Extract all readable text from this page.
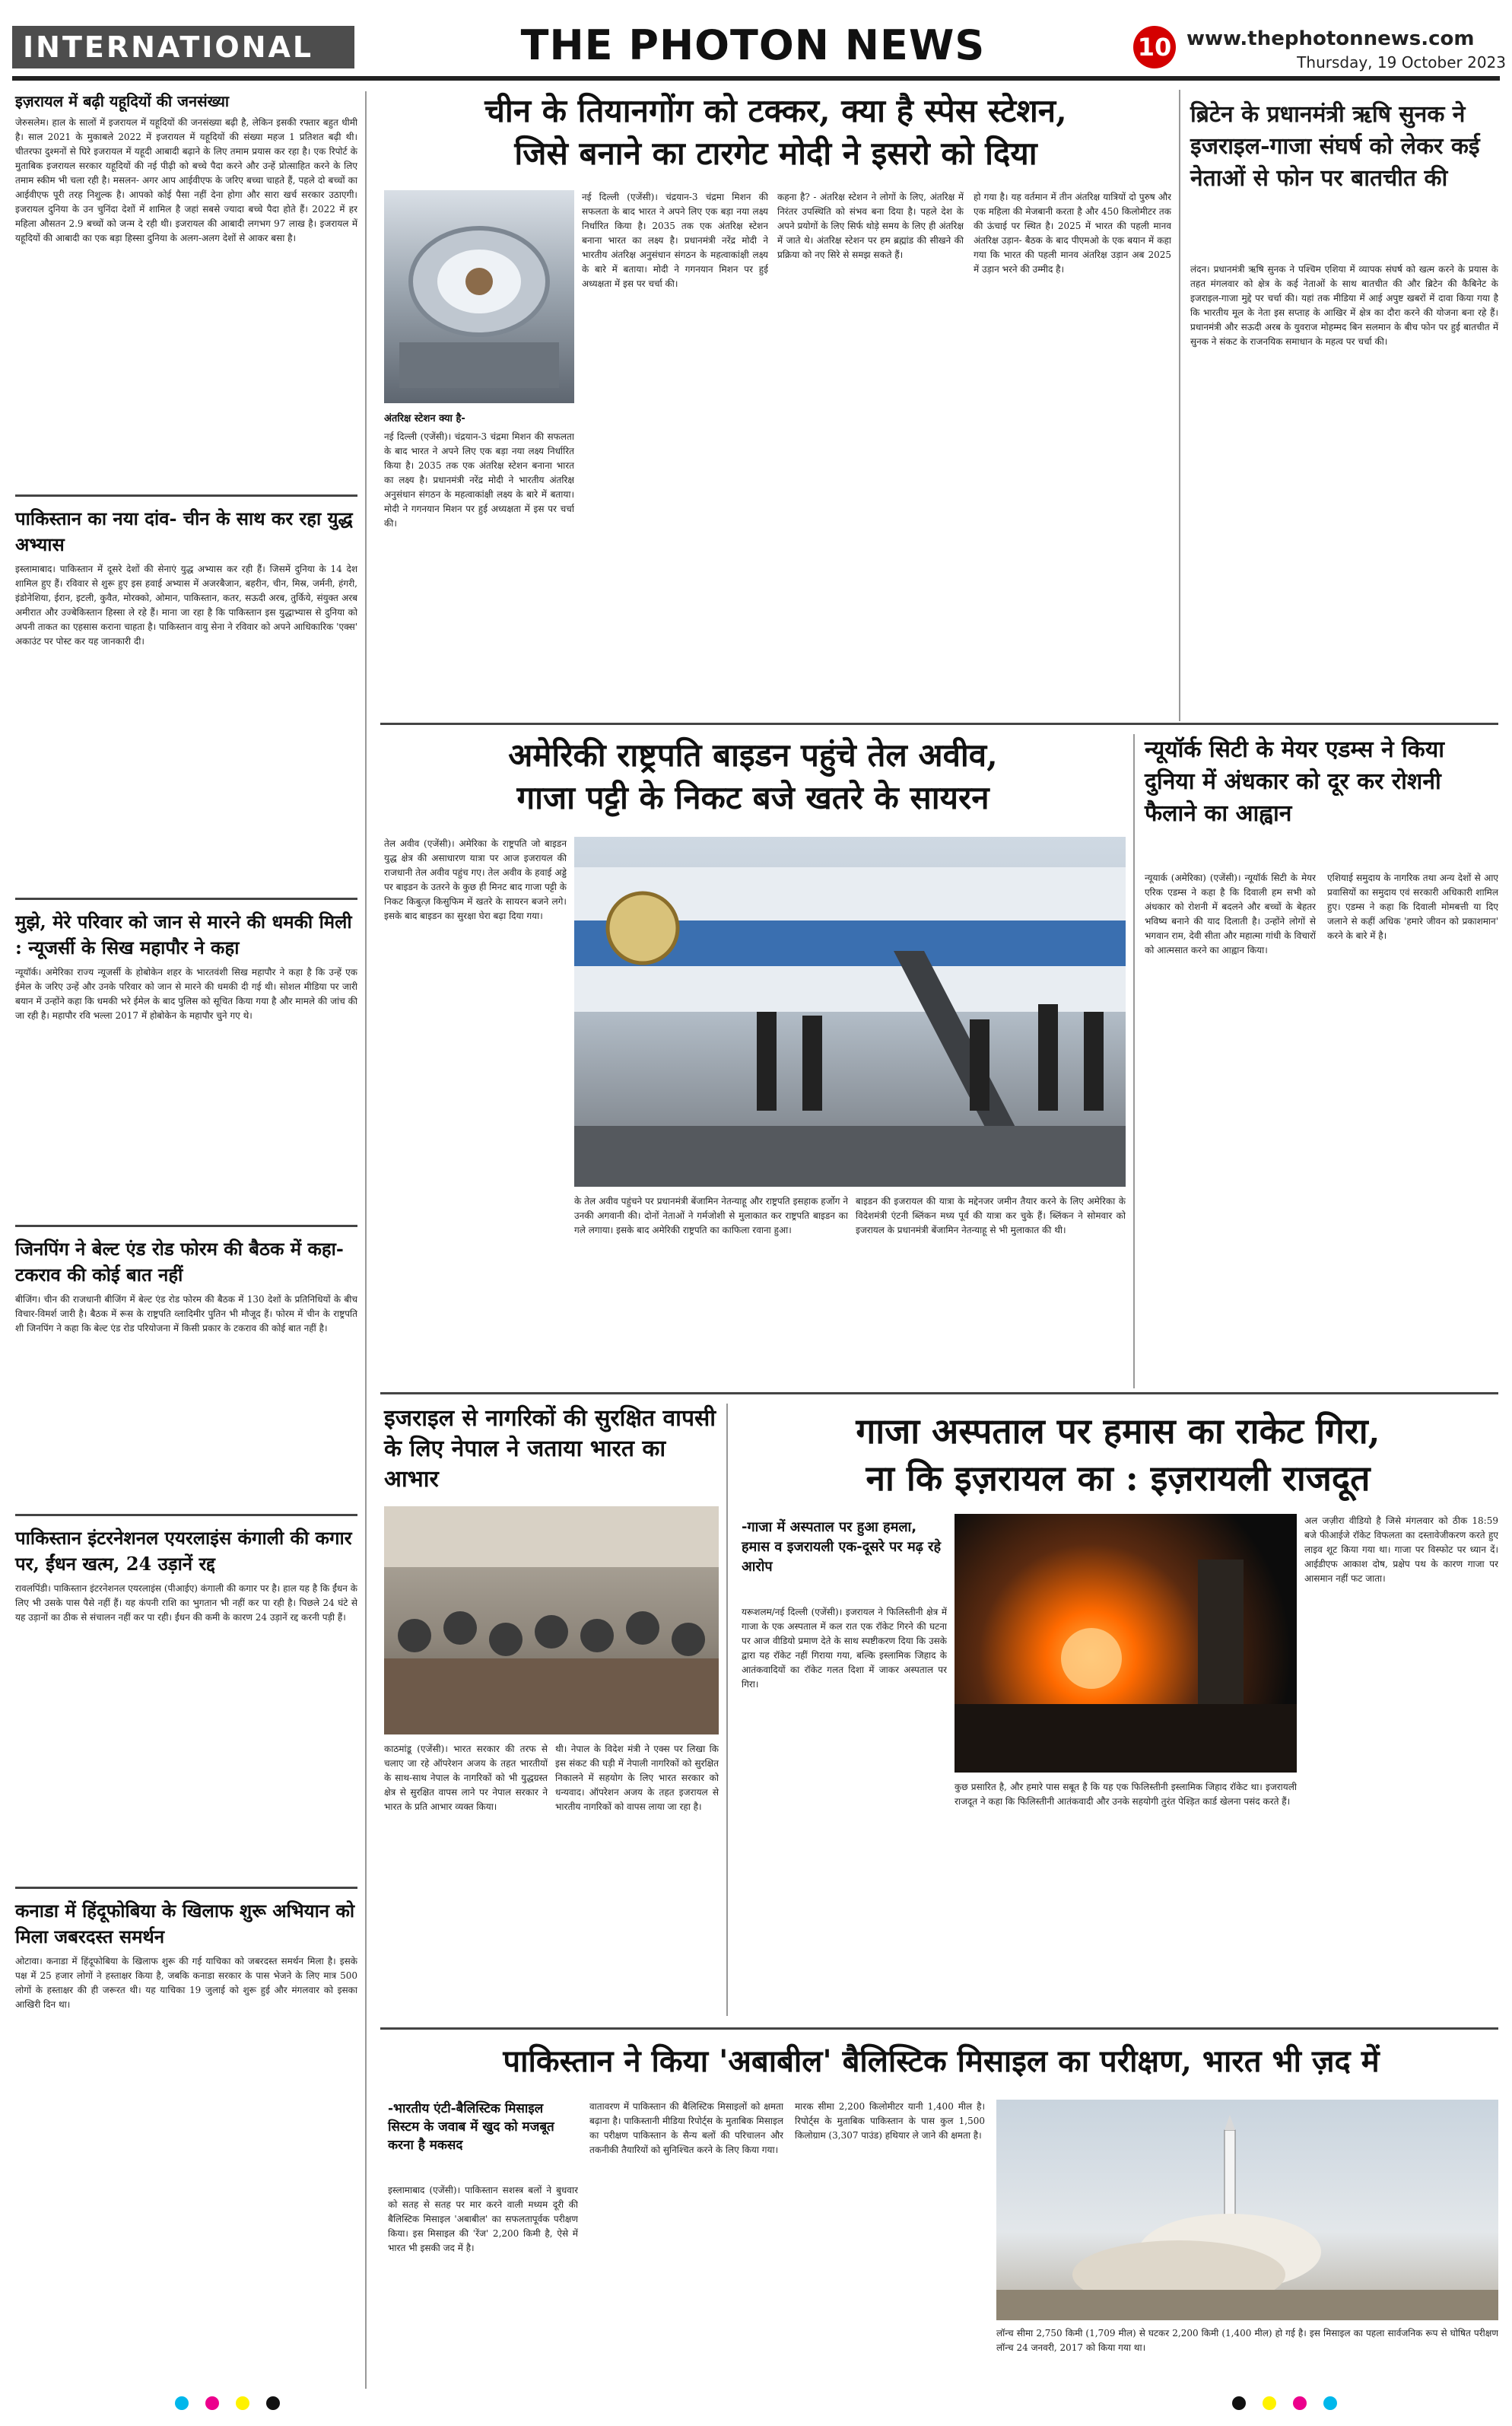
INTERNATIONAL	THE PHOTON NEWS	10 www.thephotonnews.com
Thursday, 19 October 2023
इज़रायल में बढ़ी यहूदियों की जनसंख्या
जेरुसलेम। हाल के सालों में इजरायल में यहूदियों की जनसंख्या बढ़ी है, लेकिन इसकी रफ्तार बहुत धीमी है। साल 2021 के मुकाबले 2022 में इजरायल में यहूदियों की संख्या महज 1 प्रतिशत बढ़ी थी। चीतरफा दुश्मनों से घिरे इजरायल में यहूदी आबादी बढ़ाने के लिए तमाम प्रयास कर रहा है। एक रिपोर्ट के मुताबिक इजरायल सरकार यहूदियों की नई पीढ़ी को बच्चे पैदा करने और उन्हें प्रोत्साहित करने के लिए तमाम स्कीम भी चला रही है। मसलन- अगर आप आईवीएफ के जरिए बच्चा चाहते हैं, पहले दो बच्चों का आईवीएफ पूरी तरह निशुल्क है। आपको कोई पैसा नहीं देना होगा और सारा खर्च सरकार उठाएगी। इजरायल दुनिया के उन चुनिंदा देशों में शामिल है जहां सबसे ज्यादा बच्चे पैदा होते हैं। 2022 में हर महिला औसतन 2.9 बच्चों को जन्म दे रही थी। इजरायल की आबादी लगभग 97 लाख है। इजरायल में यहूदियों की आबादी का एक बड़ा हिस्सा दुनिया के अलग-अलग देशों से आकर बसा है।
पाकिस्तान का नया दांव- चीन के साथ कर रहा युद्ध अभ्यास
इस्लामाबाद। पाकिस्तान में दूसरे देशों की सेनाएं युद्ध अभ्यास कर रही हैं। जिसमें दुनिया के 14 देश शामिल हुए हैं। रविवार से शुरू हुए इस हवाई अभ्यास में अजरबैजान, बहरीन, चीन, मिस्र, जर्मनी, हंगरी, इंडोनेशिया, ईरान, इटली, कुवैत, मोरक्को, ओमान, पाकिस्तान, कतर, सऊदी अरब, तुर्किये, संयुक्त अरब अमीरात और उज्बेकिस्तान हिस्सा ले रहे हैं। माना जा रहा है कि पाकिस्तान इस युद्धाभ्यास से दुनिया को अपनी ताकत का एहसास कराना चाहता है। पाकिस्तान वायु सेना ने रविवार को अपने आधिकारिक 'एक्स' अकाउंट पर पोस्ट कर यह जानकारी दी।
मुझे, मेरे परिवार को जान से मारने की धमकी मिली : न्यूजर्सी के सिख महापौर ने कहा
न्यूयॉर्क। अमेरिका राज्य न्यूजर्सी के होबोकेन शहर के भारतवंशी सिख महापौर ने कहा है कि उन्हें एक ईमेल के जरिए उन्हें और उनके परिवार को जान से मारने की धमकी दी गई थी। सोशल मीडिया पर जारी बयान में उन्होंने कहा कि धमकी भरे ईमेल के बाद पुलिस को सूचित किया गया है और मामले की जांच की जा रही है। महापौर रवि भल्ला 2017 में होबोकेन के महापौर चुने गए थे।
जिनपिंग ने बेल्ट एंड रोड फोरम की बैठक में कहा-टकराव की कोई बात नहीं
बीजिंग। चीन की राजधानी बीजिंग में बेल्ट एंड रोड फोरम की बैठक में 130 देशों के प्रतिनिधियों के बीच विचार-विमर्श जारी है। बैठक में रूस के राष्ट्रपति व्लादिमीर पुतिन भी मौजूद हैं। फोरम में चीन के राष्ट्रपति शी जिनपिंग ने कहा कि बेल्ट एंड रोड परियोजना में किसी प्रकार के टकराव की कोई बात नहीं है।
पाकिस्तान इंटरनेशनल एयरलाइंस कंगाली की कगार पर, ईंधन खत्म, 24 उड़ानें रद्द
रावलपिंडी। पाकिस्तान इंटरनेशनल एयरलाइंस (पीआईए) कंगाली की कगार पर है। हाल यह है कि ईंधन के लिए भी उसके पास पैसे नहीं हैं। यह कंपनी राशि का भुगतान भी नहीं कर पा रही है। पिछले 24 घंटे से यह उड़ानों का ठीक से संचालन नहीं कर पा रही। ईंधन की कमी के कारण 24 उड़ानें रद्द करनी पड़ी हैं।
कनाडा में हिंदूफोबिया के खिलाफ शुरू अभियान को मिला जबरदस्त समर्थन
ओटावा। कनाडा में हिंदूफोबिया के खिलाफ शुरू की गई याचिका को जबरदस्त समर्थन मिला है। इसके पक्ष में 25 हजार लोगों ने हस्ताक्षर किया है, जबकि कनाडा सरकार के पास भेजने के लिए मात्र 500 लोगों के हस्ताक्षर की ही जरूरत थी। यह याचिका 19 जुलाई को शुरू हुई और मंगलवार को इसका आखिरी दिन था।
चीन के तियानगोंग को टक्कर, क्या है स्पेस स्टेशन,
जिसे बनाने का टारगेट मोदी ने इसरो को दिया
नई दिल्ली (एजेंसी)। चंद्रयान-3 चंद्रमा मिशन की सफलता के बाद भारत ने अपने लिए एक बड़ा नया लक्ष्य निर्धारित किया है। 2035 तक एक अंतरिक्ष स्टेशन बनाना भारत का लक्ष्य है। प्रधानमंत्री नरेंद्र मोदी ने भारतीय अंतरिक्ष अनुसंधान संगठन के महत्वाकांक्षी लक्ष्य के बारे में बताया। मोदी ने गगनयान मिशन पर हुई अध्यक्षता में इस पर चर्चा की।
कहना है? - अंतरिक्ष स्टेशन ने लोगों के लिए, अंतरिक्ष में निरंतर उपस्थिति को संभव बना दिया है। पहले देश के अपने प्रयोगों के लिए सिर्फ थोड़े समय के लिए ही अंतरिक्ष में जाते थे। अंतरिक्ष स्टेशन पर हम ब्रह्मांड की सीखने की प्रक्रिया को नए सिरे से समझ सकते हैं।
हो गया है। यह वर्तमान में तीन अंतरिक्ष यात्रियों दो पुरुष और एक महिला की मेजबानी करता है और 450 किलोमीटर तक की ऊंचाई पर स्थित है। 2025 में भारत की पहली मानव अंतरिक्ष उड़ान- बैठक के बाद पीएमओ के एक बयान में कहा गया कि भारत की पहली मानव अंतरिक्ष उड़ान अब 2025 में उड़ान भरने की उम्मीद है।
अंतरिक्ष स्टेशन क्या है-
नई दिल्ली (एजेंसी)। चंद्रयान-3 चंद्रमा मिशन की सफलता के बाद भारत ने अपने लिए एक बड़ा नया लक्ष्य निर्धारित किया है। 2035 तक एक अंतरिक्ष स्टेशन बनाना भारत का लक्ष्य है। प्रधानमंत्री नरेंद्र मोदी ने भारतीय अंतरिक्ष अनुसंधान संगठन के महत्वाकांक्षी लक्ष्य के बारे में बताया। मोदी ने गगनयान मिशन पर हुई अध्यक्षता में इस पर चर्चा की।
ब्रिटेन के प्रधानमंत्री ऋषि सुनक ने इजराइल-गाजा संघर्ष को लेकर कई नेताओं से फोन पर बातचीत की
लंदन। प्रधानमंत्री ऋषि सुनक ने पश्चिम एशिया में व्यापक संघर्ष को खत्म करने के प्रयास के तहत मंगलवार को क्षेत्र के कई नेताओं के साथ बातचीत की और ब्रिटेन की कैबिनेट के इजराइल-गाजा मुद्दे पर चर्चा की। यहां तक मीडिया में आई अपुष्ट खबरों में दावा किया गया है कि भारतीय मूल के नेता इस सप्ताह के आखिर में क्षेत्र का दौरा करने की योजना बना रहे हैं। प्रधानमंत्री और सऊदी अरब के युवराज मोहम्मद बिन सलमान के बीच फोन पर हुई बातचीत में सुनक ने संकट के राजनयिक समाधान के महत्व पर चर्चा की।
अमेरिकी राष्ट्रपति बाइडन पहुंचे तेल अवीव,
गाजा पट्टी के निकट बजे खतरे के सायरन
तेल अवीव (एजेंसी)। अमेरिका के राष्ट्रपति जो बाइडन युद्ध क्षेत्र की असाधारण यात्रा पर आज इजरायल की राजधानी तेल अवीव पहुंच गए। तेल अवीव के हवाई अड्डे पर बाइडन के उतरने के कुछ ही मिनट बाद गाजा पट्टी के निकट किबुत्ज़ किसुफिम में खतरे के सायरन बजने लगे। इसके बाद बाइडन का सुरक्षा घेरा बढ़ा दिया गया।
के तेल अवीव पहुंचने पर प्रधानमंत्री बेंजामिन नेतन्याहू और राष्ट्रपति इसहाक हर्जोग ने उनकी अगवानी की। दोनों नेताओं ने गर्मजोशी से मुलाकात कर राष्ट्रपति बाइडन का गले लगाया। इसके बाद अमेरिकी राष्ट्रपति का काफिला रवाना हुआ।
बाइडन की इजरायल की यात्रा के मद्देनजर जमीन तैयार करने के लिए अमेरिका के विदेशमंत्री एंटनी ब्लिंकन मध्य पूर्व की यात्रा कर चुके हैं। ब्लिंकन ने सोमवार को इजरायल के प्रधानमंत्री बेंजामिन नेतन्याहू से भी मुलाकात की थी।
न्यूयॉर्क सिटी के मेयर एडम्स ने किया दुनिया में अंधकार को दूर कर रोशनी फैलाने का आह्वान
न्यूयार्क (अमेरिका) (एजेंसी)। न्यूयॉर्क सिटी के मेयर एरिक एडम्स ने कहा है कि दिवाली हम सभी को अंधकार को रोशनी में बदलने और बच्चों के बेहतर भविष्य बनाने की याद दिलाती है। उन्होंने लोगों से भगवान राम, देवी सीता और महात्मा गांधी के विचारों को आत्मसात करने का आह्वान किया।
एशियाई समुदाय के नागरिक तथा अन्य देशों से आए प्रवासियों का समुदाय एवं सरकारी अधिकारी शामिल हुए। एडम्स ने कहा कि दिवाली मोमबत्ती या दिए जलाने से कहीं अधिक 'हमारे जीवन को प्रकाशमान' करने के बारे में है।
इजराइल से नागरिकों की सुरक्षित वापसी के लिए नेपाल ने जताया भारत का आभार
काठमांडू (एजेंसी)। भारत सरकार की तरफ से चलाए जा रहे ऑपरेशन अजय के तहत भारतीयों के साथ-साथ नेपाल के नागरिकों को भी युद्धग्रस्त क्षेत्र से सुरक्षित वापस लाने पर नेपाल सरकार ने भारत के प्रति आभार व्यक्त किया।
थी। नेपाल के विदेश मंत्री ने एक्स पर लिखा कि इस संकट की घड़ी में नेपाली नागरिकों को सुरक्षित निकालने में सहयोग के लिए भारत सरकार को धन्यवाद। ऑपरेशन अजय के तहत इजरायल से भारतीय नागरिकों को वापस लाया जा रहा है।
गाजा अस्पताल पर हमास का राकेट गिरा,
ना कि इज़रायल का : इज़रायली राजदूत
-गाजा में अस्पताल पर हुआ हमला, हमास व इजरायली एक-दूसरे पर मढ़ रहे आरोप
यरूशलम/नई दिल्ली (एजेंसी)। इजरायल ने फिलिस्तीनी क्षेत्र में गाजा के एक अस्पताल में कल रात एक रॉकेट गिरने की घटना पर आज वीडियो प्रमाण देते के साथ स्पष्टीकरण दिया कि उसके द्वारा यह रॉकेट नहीं गिराया गया, बल्कि इस्लामिक जिहाद के आतंकवादियों का रॉकेट गलत दिशा में जाकर अस्पताल पर गिरा।
कुछ प्रसारित है, और हमारे पास सबूत है कि यह एक फिलिस्तीनी इस्लामिक जिहाद रॉकेट था। इजरायली राजदूत ने कहा कि फिलिस्तीनी आतंकवादी और उनके सहयोगी तुरंत पेश्ड़ित कार्ड खेलना पसंद करते हैं।
अल जज़ीरा वीडियो है जिसे मंगलवार को ठीक 18:59 बजे फीआईजे रॉकेट विफलता का दस्तावेजीकरण करते हुए लाइव शूट किया गया था। गाजा पर विस्फोट पर ध्यान दें। आईडीएफ आकाश दोष, प्रक्षेप पथ के कारण गाजा पर आसमान नहीं फट जाता।
पाकिस्तान ने किया 'अबाबील' बैलिस्टिक मिसाइल का परीक्षण, भारत भी ज़द में
-भारतीय एंटी-बैलिस्टिक मिसाइल सिस्टम के जवाब में खुद को मजबूत करना है मकसद
इस्लामाबाद (एजेंसी)। पाकिस्तान सशस्त्र बलों ने बुधवार को सतह से सतह पर मार करने वाली मध्यम दूरी की बैलिस्टिक मिसाइल 'अबाबील' का सफलतापूर्वक परीक्षण किया। इस मिसाइल की 'रेंज' 2,200 किमी है, ऐसे में भारत भी इसकी जद में है।
वातावरण में पाकिस्तान की बैलिस्टिक मिसाइलों को क्षमता बढ़ाना है। पाकिस्तानी मीडिया रिपोर्ट्स के मुताबिक मिसाइल का परीक्षण पाकिस्तान के सैन्य बलों की परिचालन और तकनीकी तैयारियों को सुनिश्चित करने के लिए किया गया।
मारक सीमा 2,200 किलोमीटर यानी 1,400 मील है। रिपोर्ट्स के मुताबिक पाकिस्तान के पास कुल 1,500 किलोग्राम (3,307 पाउंड) हथियार ले जाने की क्षमता है।
लॉन्च सीमा 2,750 किमी (1,709 मील) से घटकर 2,200 किमी (1,400 मील) हो गई है। इस मिसाइल का पहला सार्वजनिक रूप से घोषित परीक्षण लॉन्च 24 जनवरी, 2017 को किया गया था।
